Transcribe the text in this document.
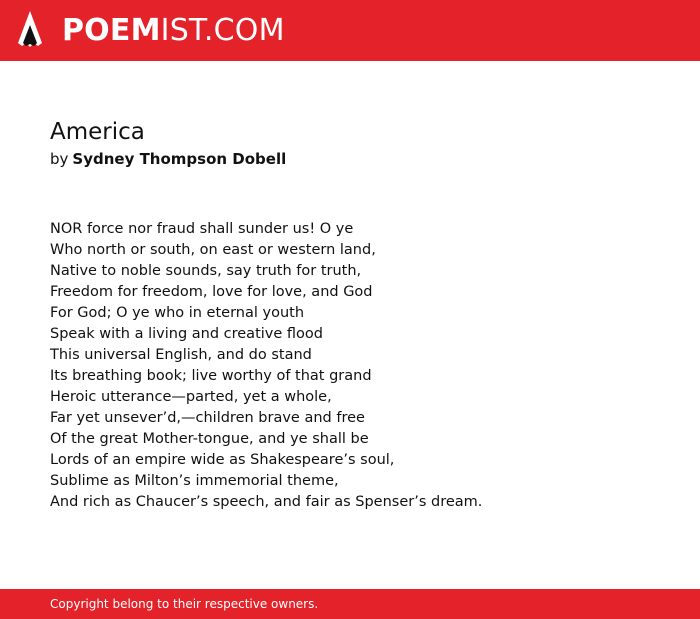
POEMIST.COM
America
by Sydney Thompson Dobell
NOR force nor fraud shall sunder us! O ye
Who north or south, on east or western land,
Native to noble sounds, say truth for truth,
Freedom for freedom, love for love, and God
For God; O ye who in eternal youth
Speak with a living and creative flood
This universal English, and do stand
Its breathing book; live worthy of that grand
Heroic utterance—parted, yet a whole,
Far yet unsever’d,—children brave and free
Of the great Mother-tongue, and ye shall be
Lords of an empire wide as Shakespeare’s soul,
Sublime as Milton’s immemorial theme,
And rich as Chaucer’s speech, and fair as Spenser’s dream.
Copyright belong to their respective owners.
